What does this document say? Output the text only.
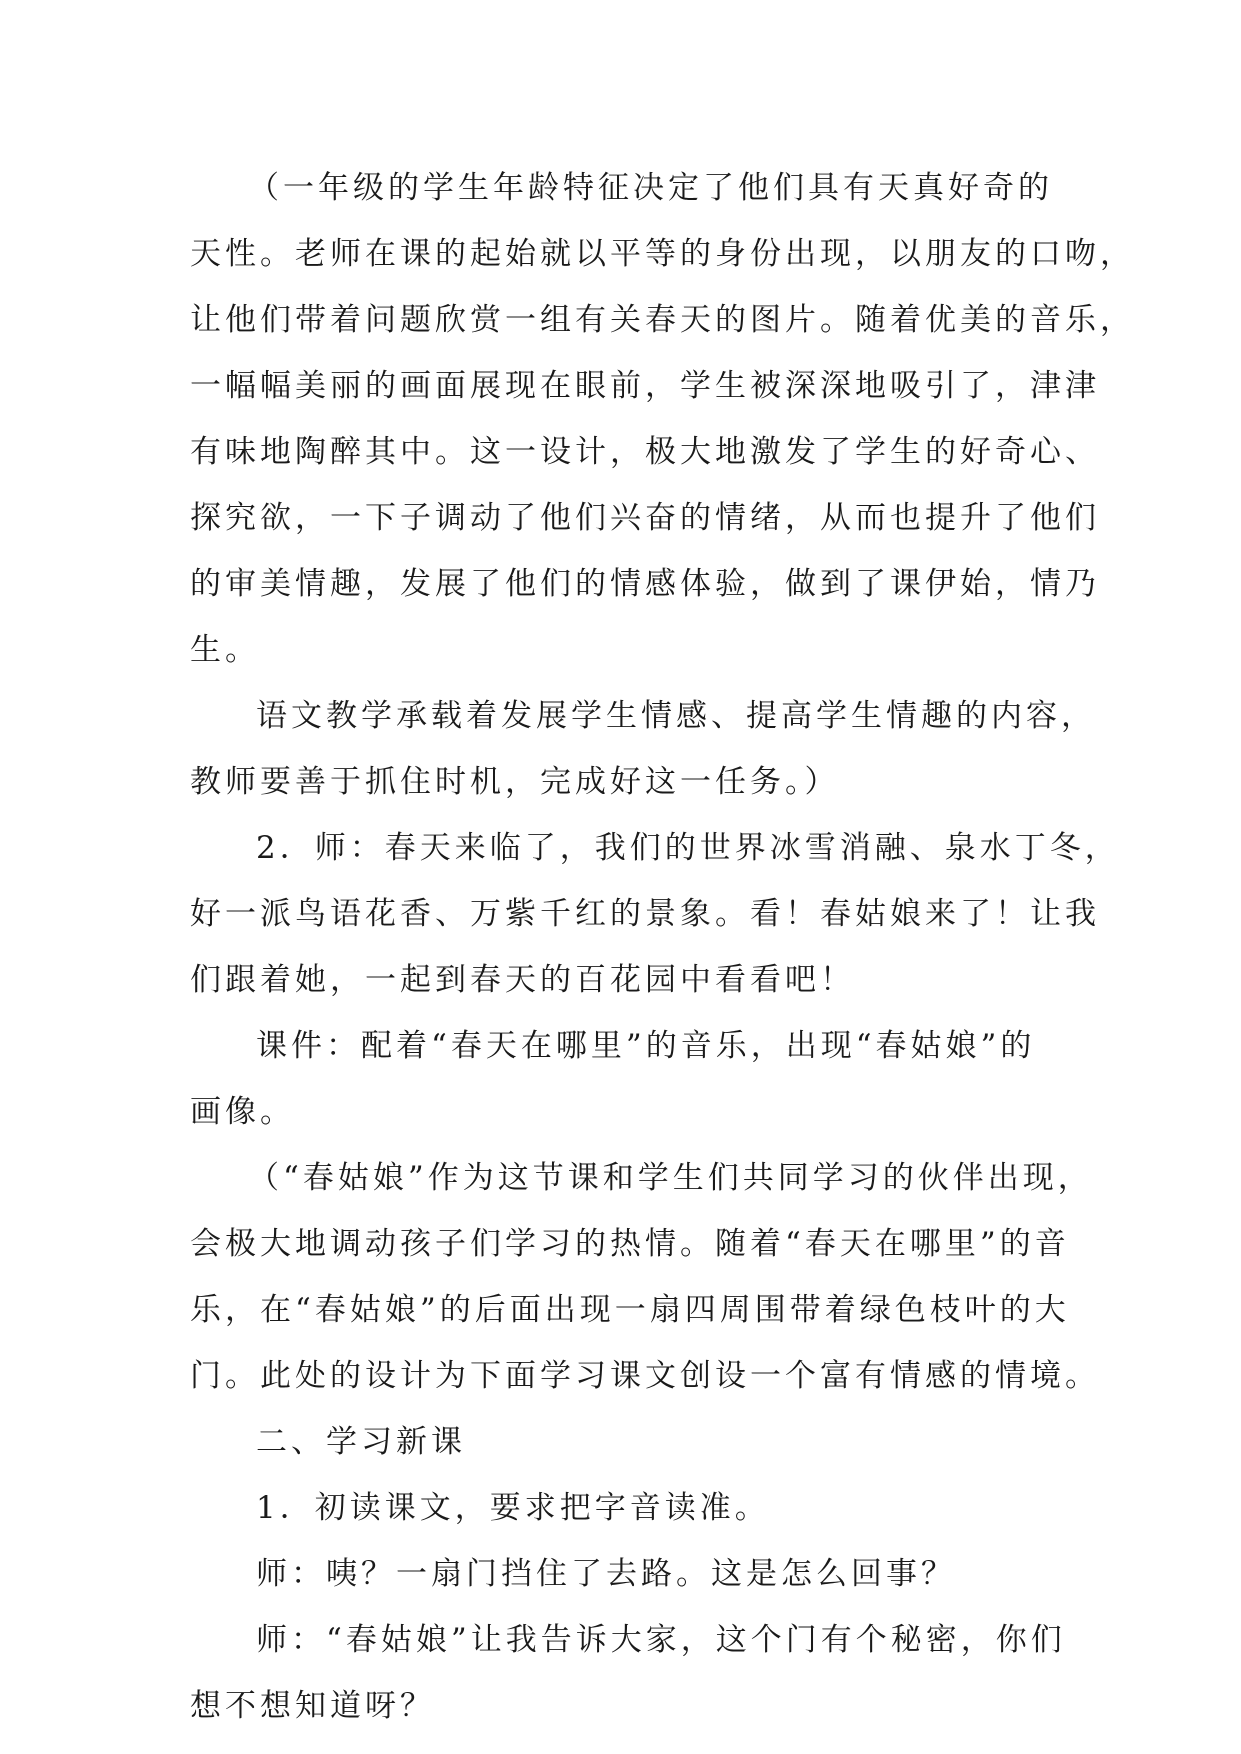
（一年级的学生年龄特征决定了他们具有天真好奇的
天性。老师在课的起始就以平等的身份出现，以朋友的口吻，
让他们带着问题欣赏一组有关春天的图片。随着优美的音乐，
一幅幅美丽的画面展现在眼前，学生被深深地吸引了，津津
有味地陶醉其中。这一设计，极大地激发了学生的好奇心、
探究欲，一下子调动了他们兴奋的情绪，从而也提升了他们
的审美情趣，发展了他们的情感体验，做到了课伊始，情乃
生。
语文教学承载着发展学生情感、提高学生情趣的内容，
教师要善于抓住时机，完成好这一任务。）
2．师：春天来临了，我们的世界冰雪消融、泉水丁冬，
好一派鸟语花香、万紫千红的景象。看！春姑娘来了！让我
们跟着她，一起到春天的百花园中看看吧！
课件：配着“春天在哪里”的音乐，出现“春姑娘”的
画像。
（“春姑娘”作为这节课和学生们共同学习的伙伴出现，
会极大地调动孩子们学习的热情。随着“春天在哪里”的音
乐，在“春姑娘”的后面出现一扇四周围带着绿色枝叶的大
门。此处的设计为下面学习课文创设一个富有情感的情境。
二、学习新课
1．初读课文，要求把字音读准。
师：咦？一扇门挡住了去路。这是怎么回事？
师：“春姑娘”让我告诉大家，这个门有个秘密，你们
想不想知道呀？
